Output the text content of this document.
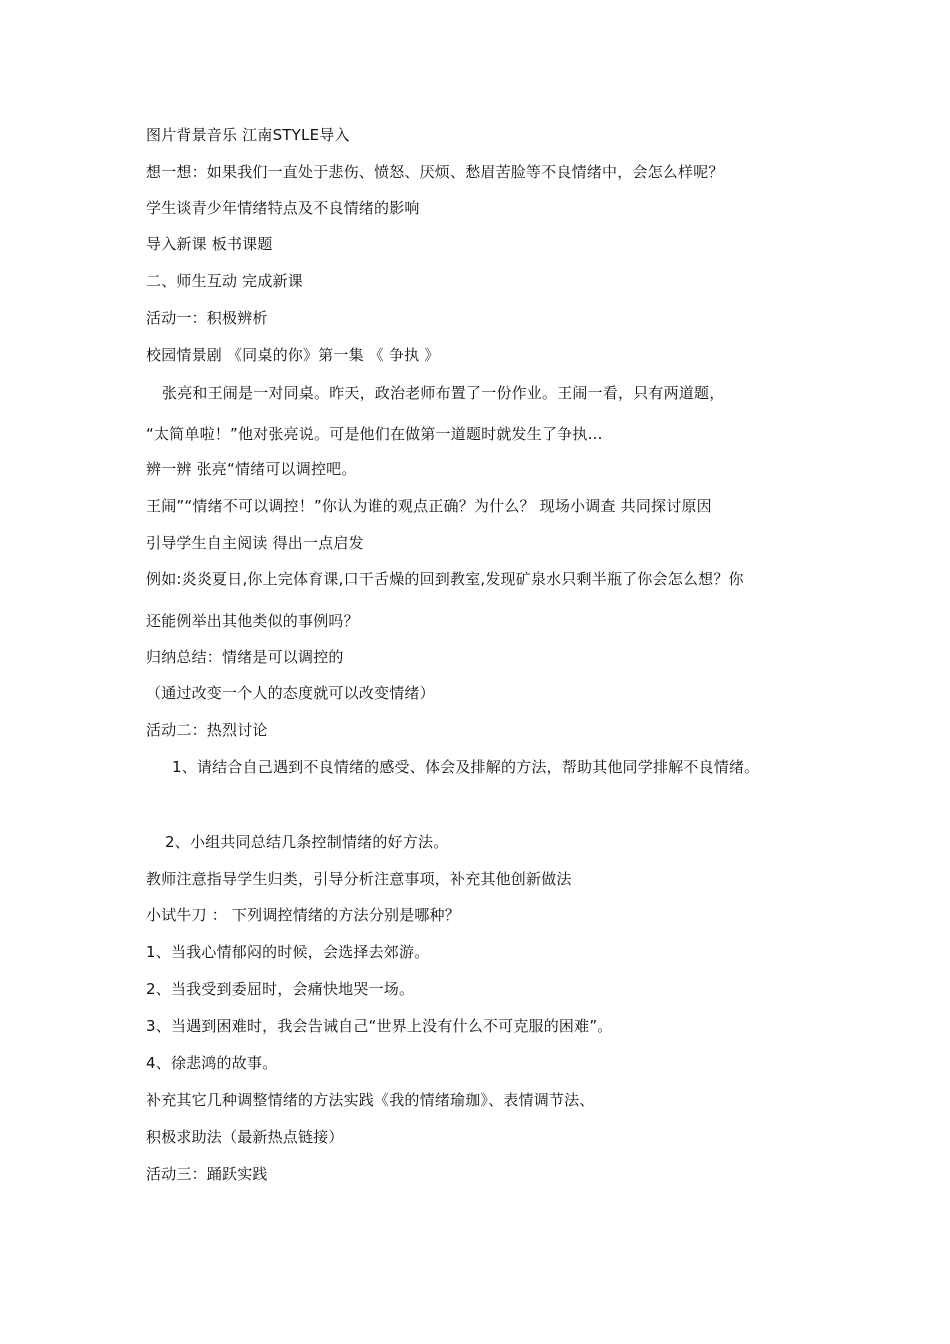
图片背景音乐 江南STYLE导入
想一想：如果我们一直处于悲伤、愤怒、厌烦、愁眉苦脸等不良情绪中，会怎么样呢？
学生谈青少年情绪特点及不良情绪的影响
导入新课 板书课题
二、师生互动 完成新课
活动一：积极辨析
校园情景剧 《同桌的你》第一集 《 争执 》
张亮和王闹是一对同桌。昨天，政治老师布置了一份作业。王闹一看，只有两道题，
“太简单啦！”他对张亮说。可是他们在做第一道题时就发生了争执…
辨一辨 张亮“情绪可以调控吧。
王闹”“情绪不可以调控！”你认为谁的观点正确？为什么？ 现场小调查 共同探讨原因
引导学生自主阅读 得出一点启发
例如:炎炎夏日,你上完体育课,口干舌燥的回到教室,发现矿泉水只剩半瓶了你会怎么想？你
还能例举出其他类似的事例吗？
归纳总结：情绪是可以调控的
（通过改变一个人的态度就可以改变情绪）
活动二：热烈讨论
1、请结合自己遇到不良情绪的感受、体会及排解的方法，帮助其他同学排解不良情绪。
2、小组共同总结几条控制情绪的好方法。
教师注意指导学生归类，引导分析注意事项，补充其他创新做法
小试牛刀 ： 下列调控情绪的方法分别是哪种？
1、当我心情郁闷的时候，会选择去郊游。
2、当我受到委屈时，会痛快地哭一场。
3、当遇到困难时，我会告诫自己“世界上没有什么不可克服的困难”。
4、徐悲鸿的故事。
补充其它几种调整情绪的方法实践《我的情绪瑜珈》、表情调节法、
积极求助法（最新热点链接）
活动三：踊跃实践
